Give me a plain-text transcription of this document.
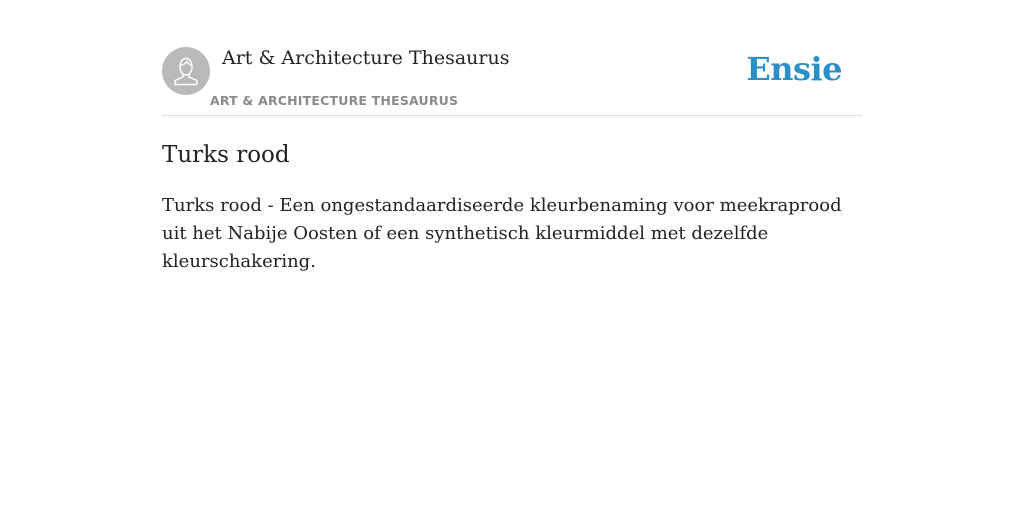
Art & Architecture Thesaurus
ART & ARCHITECTURE THESAURUS
Ensie
Turks rood

Turks rood - Een ongestandaardiseerde kleurbenaming voor meekraprood uit het Nabije Oosten of een synthetisch kleurmiddel met dezelfde kleurschakering.
